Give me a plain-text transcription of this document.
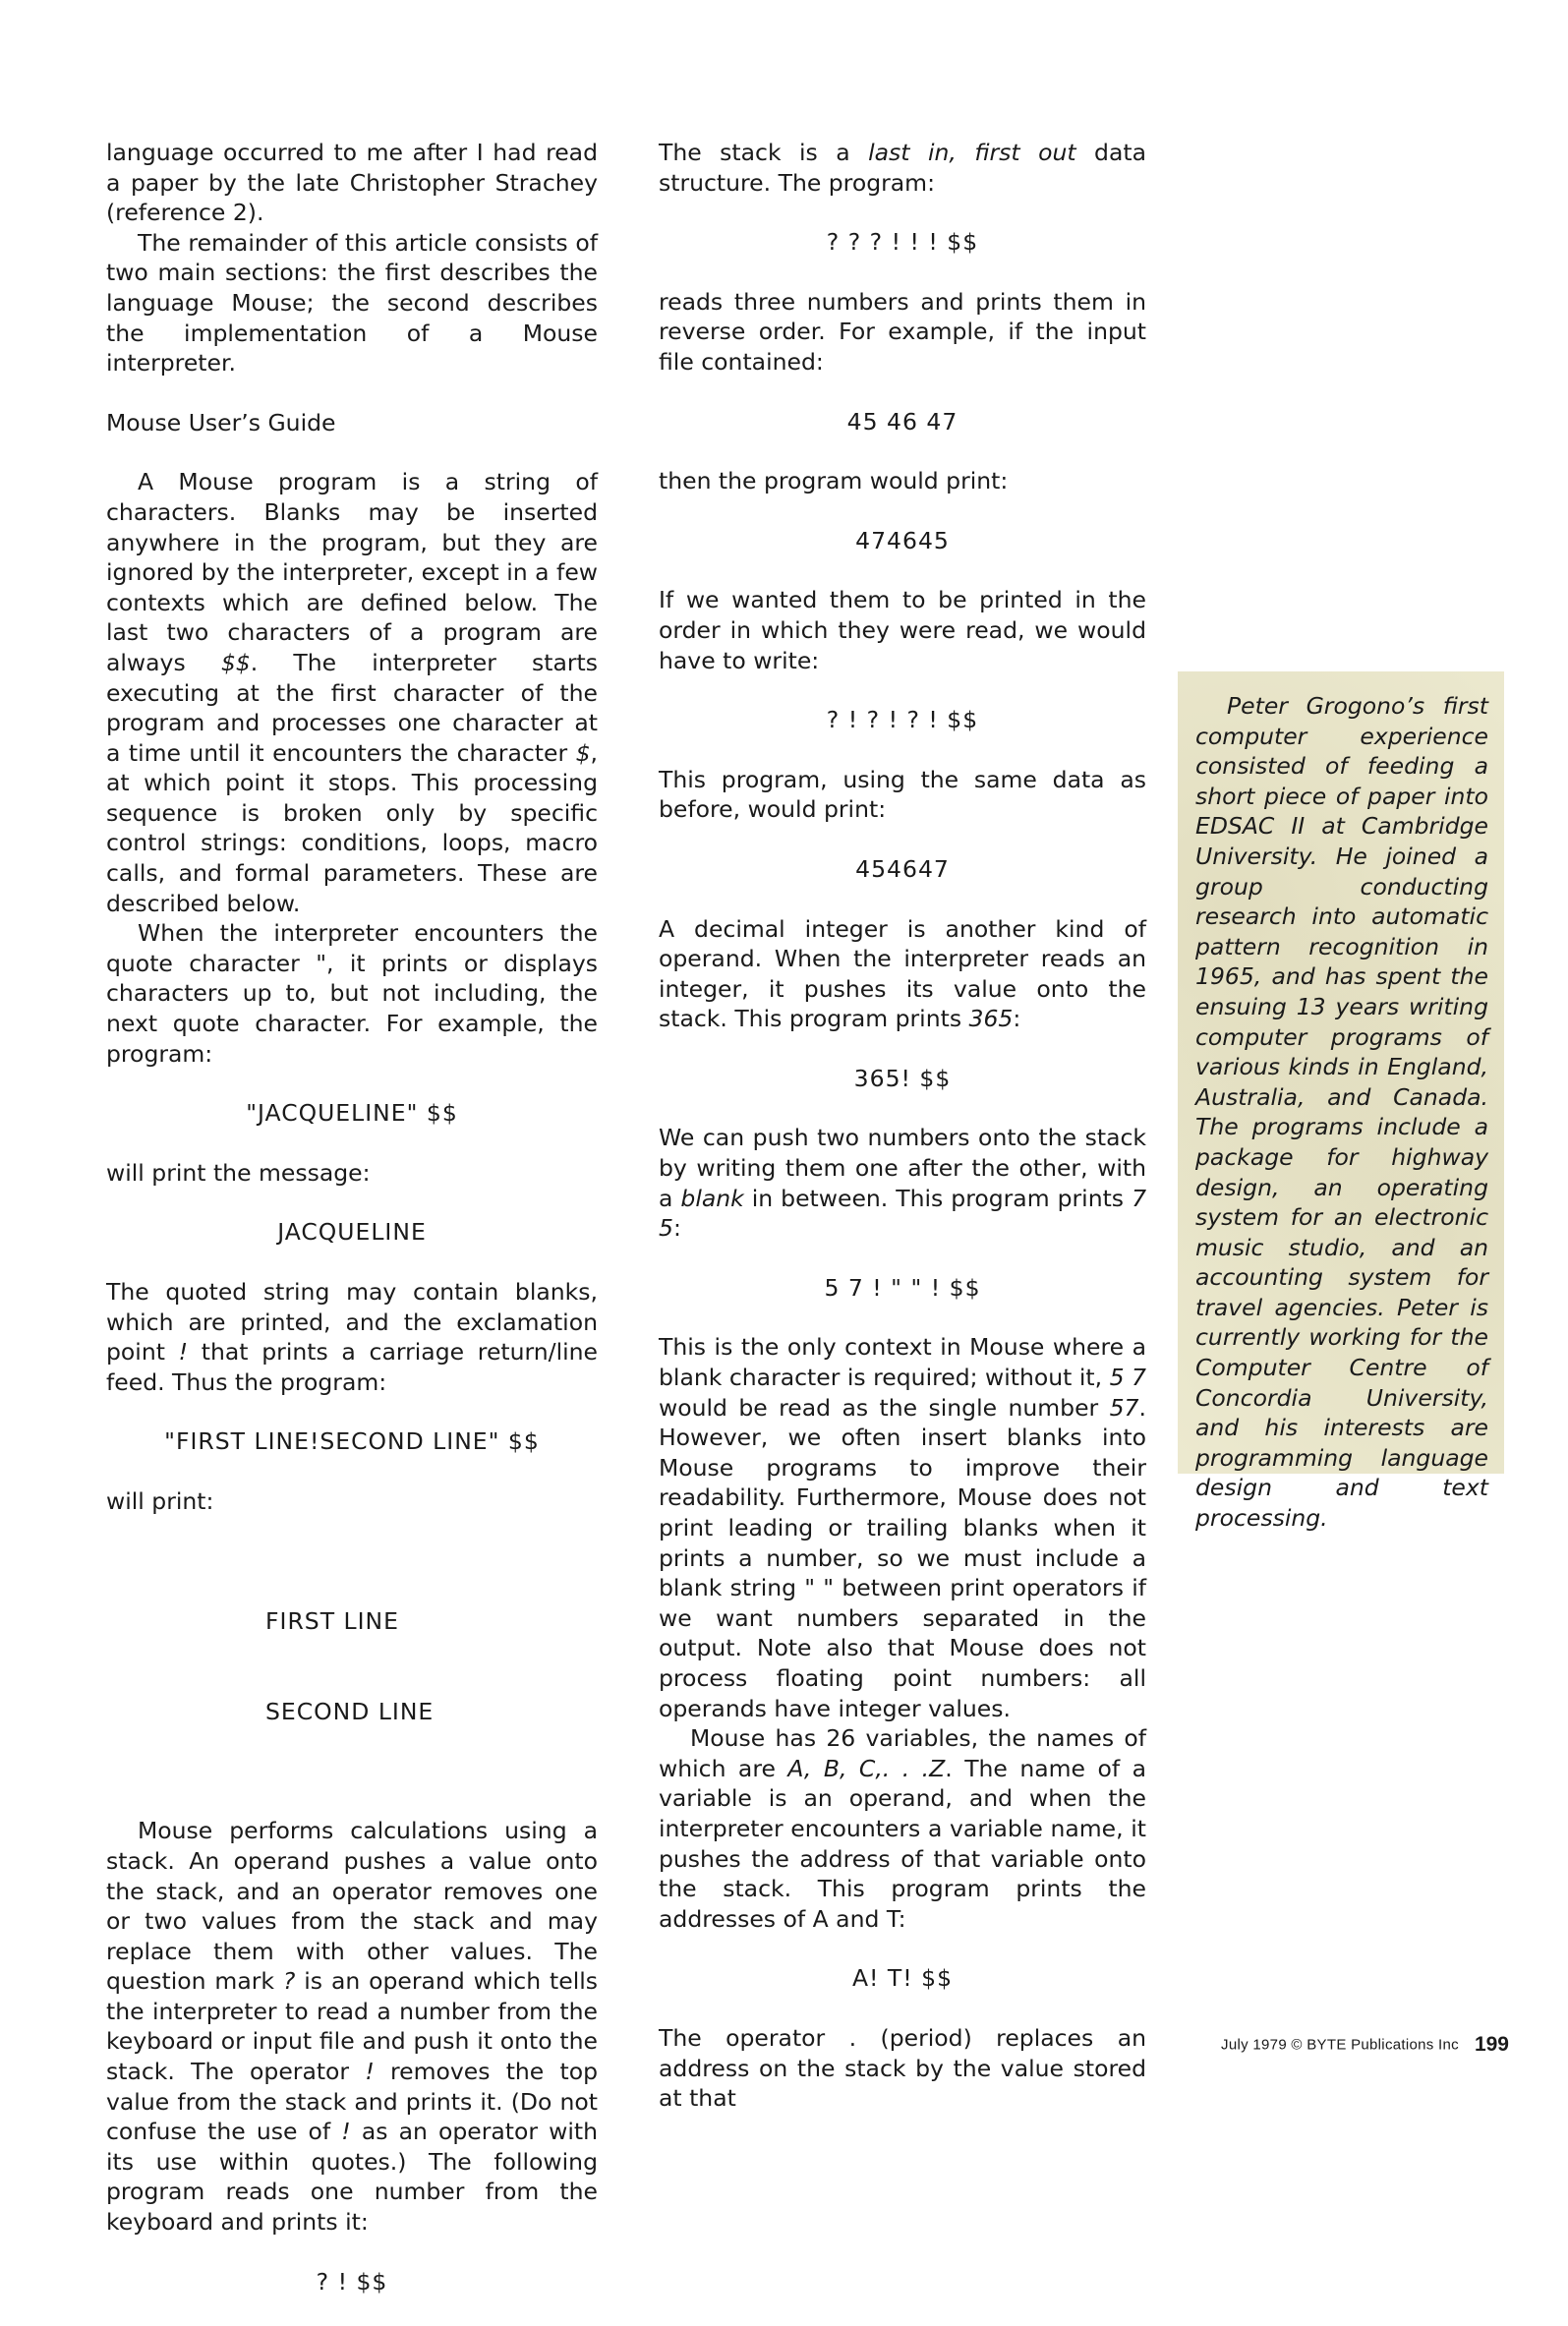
language occurred to me after I had read a paper by the late Christopher Strachey (reference 2).

The remainder of this article consists of two main sections: the first describes the language Mouse; the second describes the implementation of a Mouse interpreter.

Mouse User’s Guide

A Mouse program is a string of characters. Blanks may be inserted anywhere in the program, but they are ignored by the interpreter, except in a few contexts which are defined below. The last two characters of a program are always $$. The interpreter starts executing at the first character of the program and processes one character at a time until it encounters the character $, at which point it stops. This processing sequence is broken only by specific control strings: conditions, loops, macro calls, and formal parameters. These are described below.

When the interpreter encounters the quote character ", it prints or displays characters up to, but not including, the next quote character. For example, the program:

"JACQUELINE" $$

will print the message:

JACQUELINE

The quoted string may contain blanks, which are printed, and the exclamation point ! that prints a carriage return/line feed. Thus the program:

"FIRST LINE!SECOND LINE" $$

will print:

FIRST LINE

SECOND LINE

Mouse performs calculations using a stack. An operand pushes a value onto the stack, and an operator removes one or two values from the stack and may replace them with other values. The question mark ? is an operand which tells the interpreter to read a number from the keyboard or input file and push it onto the stack. The operator ! removes the top value from the stack and prints it. (Do not confuse the use of ! as an operator with its use within quotes.) The following program reads one number from the keyboard and prints it:

? ! $$

The stack is a last in, first out data structure. The program:

? ? ? ! ! ! $$

reads three numbers and prints them in reverse order. For example, if the input file contained:

45 46 47

then the program would print:

474645

If we wanted them to be printed in the order in which they were read, we would have to write:

? ! ? ! ? ! $$

This program, using the same data as before, would print:

454647

A decimal integer is another kind of operand. When the interpreter reads an integer, it pushes its value onto the stack. This program prints 365:

365! $$

We can push two numbers onto the stack by writing them one after the other, with a blank in between. This program prints 7 5:

5 7 ! " " ! $$

This is the only context in Mouse where a blank character is required; without it, 5 7 would be read as the single number 57. However, we often insert blanks into Mouse programs to improve their readability. Furthermore, Mouse does not print leading or trailing blanks when it prints a number, so we must include a blank string " " between print operators if we want numbers separated in the output. Note also that Mouse does not process floating point numbers: all operands have integer values.

Mouse has 26 variables, the names of which are A, B, C,. . .Z. The name of a variable is an operand, and when the interpreter encounters a variable name, it pushes the address of that variable onto the stack. This program prints the addresses of A and T:

A! T! $$

The operator . (period) replaces an address on the stack by the value stored at that

Peter Grogono’s first computer experience consisted of feeding a short piece of paper into EDSAC II at Cambridge University. He joined a group conducting research into automatic pattern recognition in 1965, and has spent the ensuing 13 years writing computer programs of various kinds in England, Australia, and Canada. The programs include a package for highway design, an operating system for an electronic music studio, and an accounting system for travel agencies. Peter is currently working for the Computer Centre of Concordia University, and his interests are programming language design and text processing.

July 1979 © BYTE Publications Inc 199
